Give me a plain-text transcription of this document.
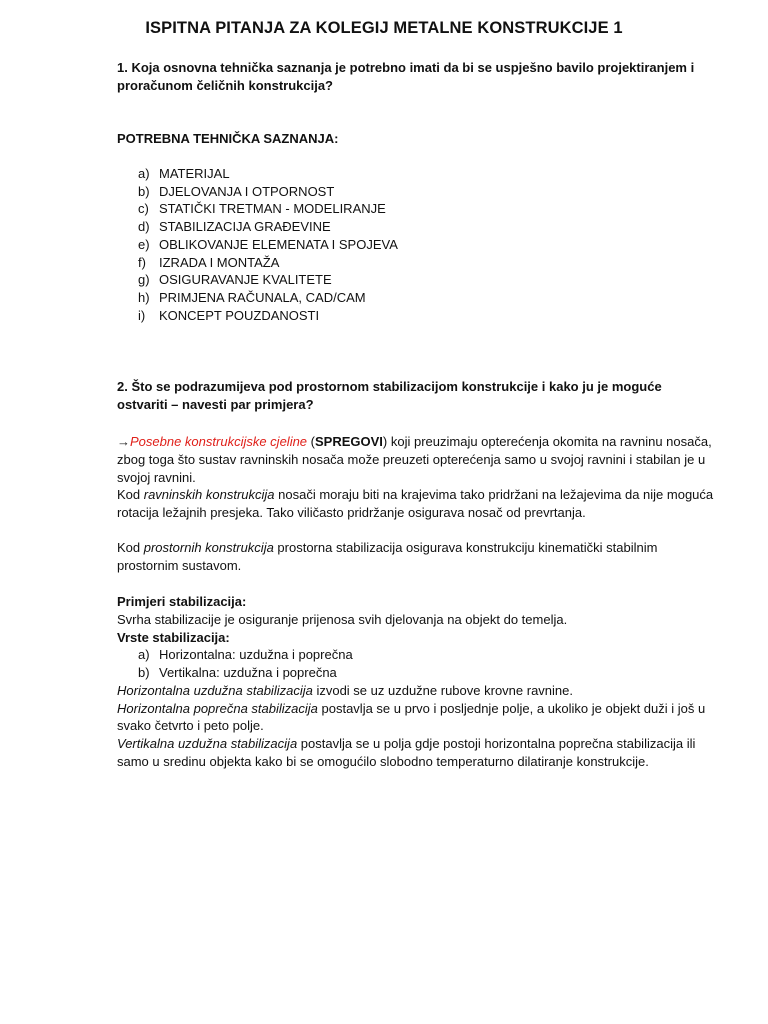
ISPITNA PITANJA ZA KOLEGIJ METALNE KONSTRUKCIJE 1

1. Koja osnovna tehnička saznanja je potrebno imati da bi se uspješno bavilo projektiranjem i proračunom čeličnih konstrukcija?

POTREBNA TEHNIČKA SAZNANJA:

a) MATERIJAL
b) DJELOVANJA I OTPORNOST
c) STATIČKI TRETMAN - MODELIRANJE
d) STABILIZACIJA GRAĐEVINE
e) OBLIKOVANJE ELEMENATA I SPOJEVA
f)	IZRADA I MONTAŽA
g) OSIGURAVANJE KVALITETE
h) PRIMJENA RAČUNALA, CAD/CAM
i)	KONCEPT POUZDANOSTI

2. Što se podrazumijeva pod prostornom stabilizacijom konstrukcije i kako ju je moguće

ostvariti – navesti par primjera?

→Posebne konstrukcijske cjeline (SPREGOVI) koji preuzimaju opterećenja okomita na ravninu nosača, zbog toga što sustav ravninskih nosača može preuzeti opterećenja samo u svojoj ravnini i stabilan je u svojoj ravnini.

Kod ravninskih konstrukcija nosači moraju biti na krajevima tako pridržani na ležajevima da nije moguća rotacija ležajnih presjeka. Tako viličasto pridržanje osigurava nosač od prevrtanja.

Kod prostornih konstrukcija prostorna stabilizacija osigurava konstrukciju kinematički stabilnim prostornim sustavom.

Primjeri stabilizacija:

Svrha stabilizacije je osiguranje prijenosa svih djelovanja na objekt do temelja.

Vrste stabilizacija:

a) Horizontalna: uzdužna i poprečna
b) Vertikalna: uzdužna i poprečna

Horizontalna uzdužna stabilizacija izvodi se uz uzdužne rubove krovne ravnine.

Horizontalna poprečna stabilizacija postavlja se u prvo i posljednje polje, a ukoliko je objekt duži i još u svako četvrto i peto polje.

Vertikalna uzdužna stabilizacija postavlja se u polja gdje postoji horizontalna poprečna stabilizacija ili samo u sredinu objekta kako bi se omogućilo slobodno temperaturno dilatiranje konstrukcije.
